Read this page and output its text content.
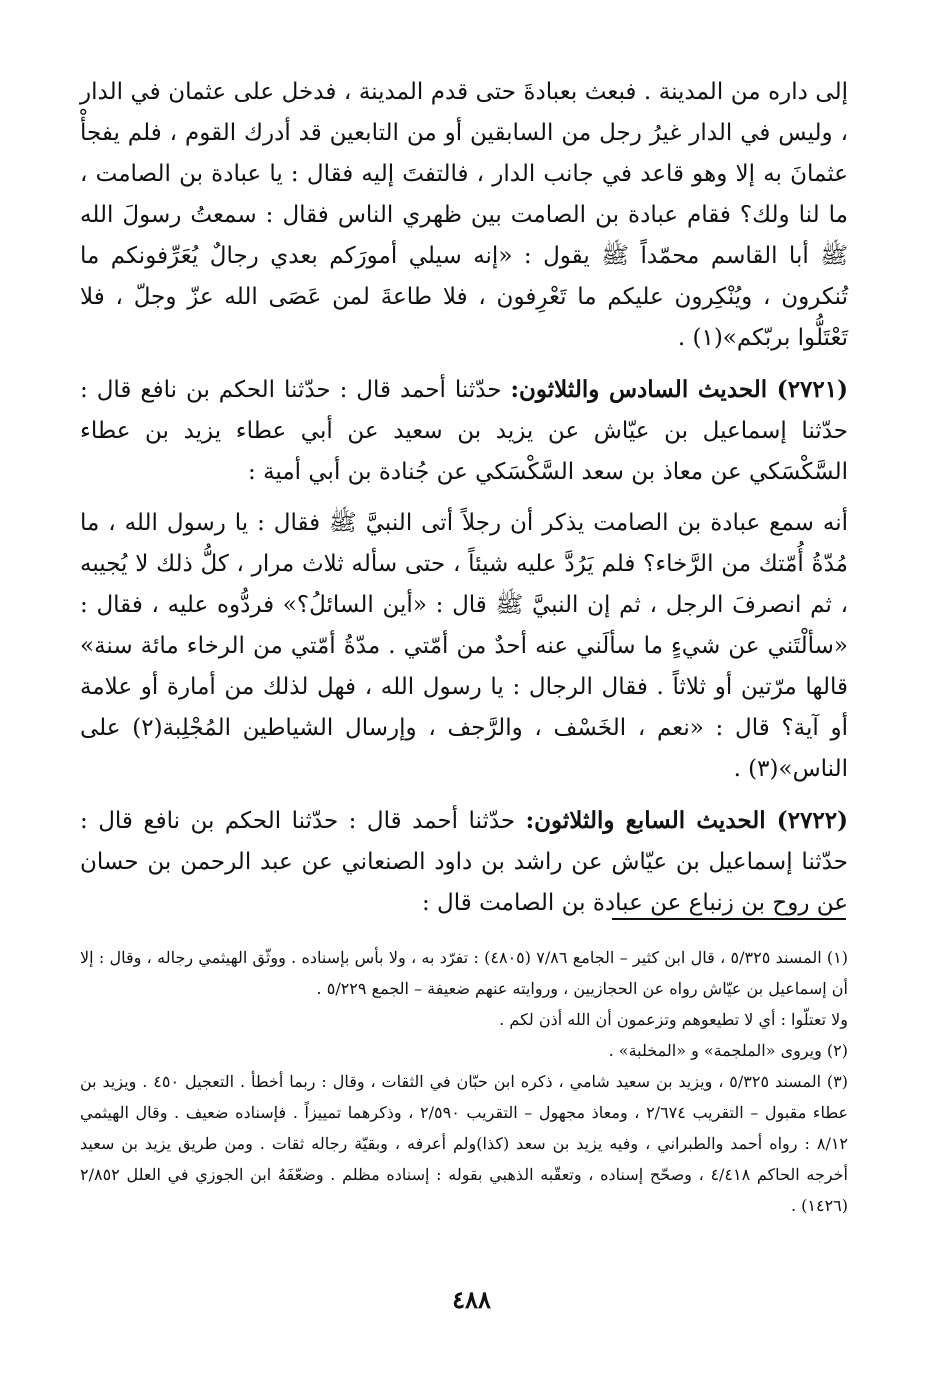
إلى داره من المدينة . فبعث بعبادةَ حتى قدم المدينة ، فدخل على عثمان في الدار ، وليس في الدار غيرُ رجل من السابقين أو من التابعين قد أدرك القوم ، فلم يفجأْ عثمانَ به إلا وهو قاعد في جانب الدار ، فالتفتَ إليه فقال : يا عبادة بن الصامت ، ما لنا ولك؟ فقام عبادة بن الصامت بين ظهري الناس فقال : سمعتُ رسولَ الله ﷺ أبا القاسم محمّداً ﷺ يقول : «إنه سيلي أمورَكم بعدي رجالٌ يُعَرِّفونكم ما تُنكرون ، ويُنْكِرون عليكم ما تَعْرِفون ، فلا طاعةَ لمن عَصَى الله عزّ وجلّ ، فلا تَعْتَلُّوا بربّكم»(١) .

(٢٧٢١) الحديث السادس والثلاثون: حدّثنا أحمد قال : حدّثنا الحكم بن نافع قال : حدّثنا إسماعيل بن عيّاش عن يزيد بن سعيد عن أبي عطاء يزيد بن عطاء السَّكْسَكي عن معاذ بن سعد السَّكْسَكي عن جُنادة بن أبي أمية :

أنه سمع عبادة بن الصامت يذكر أن رجلاً أتى النبيَّ ﷺ فقال : يا رسول الله ، ما مُدّةُ أُمّتك من الرَّخاء؟ فلم يَرُدَّ عليه شيئاً ، حتى سأله ثلاث مرار ، كلُّ ذلك لا يُجيبه ، ثم انصرفَ الرجل ، ثم إن النبيَّ ﷺ قال : «أين السائلُ؟» فردُّوه عليه ، فقال : «سألْتَني عن شيءٍ ما سألَني عنه أحدٌ من أمّتي . مدّةُ أمّتي من الرخاء مائة سنة» قالها مرّتين أو ثلاثاً . فقال الرجال : يا رسول الله ، فهل لذلك من أمارة أو علامة أو آية؟ قال : «نعم ، الخَسْف ، والرَّجف ، وإرسال الشياطين المُجْلِبة(٢) على الناس»(٣) .

(٢٧٢٢) الحديث السابع والثلاثون: حدّثنا أحمد قال : حدّثنا الحكم بن نافع قال : حدّثنا إسماعيل بن عيّاش عن راشد بن داود الصنعاني عن عبد الرحمن بن حسان عن روح بن زنباع عن عبادة بن الصامت قال :

(١) المسند ٥/٣٢٥ ، قال ابن كثير – الجامع ٧/٨٦ (٤٨٠٥) : تفرّد به ، ولا بأس بإسناده . ووثّق الهيثمي رجاله ، وقال : إلا أن إسماعيل بن عيّاش رواه عن الحجازيين ، وروايته عنهم ضعيفة – الجمع ٥/٢٢٩ .
ولا تعتلّوا : أي لا تطيعوهم وتزعمون أن الله أذن لكم .

(٢) ويروى «الملجمة» و «المخلبة» .

(٣) المسند ٥/٣٢٥ ، ويزيد بن سعيد شامي ، ذكره ابن حبّان في الثقات ، وقال : ربما أخطأ . التعجيل ٤٥٠ . ويزيد بن عطاء مقبول – التقريب ٢/٦٧٤ ، ومعاذ مجهول – التقريب ٢/٥٩٠ ، وذكرهما تمييزاً . فإسناده ضعيف . وقال الهيثمي ٨/١٢ : رواه أحمد والطبراني ، وفيه يزيد بن سعد (كذا)ولم أعرفه ، وبقيّة رجاله ثقات . ومن طريق يزيد بن سعيد أخرجه الحاكم ٤/٤١٨ ، وصحّح إسناده ، وتعقّبه الذهبي بقوله : إسناده مظلم . وضعّفَهُ ابن الجوزي في العلل ٢/٨٥٢ (١٤٢٦) .

٤٨٨
